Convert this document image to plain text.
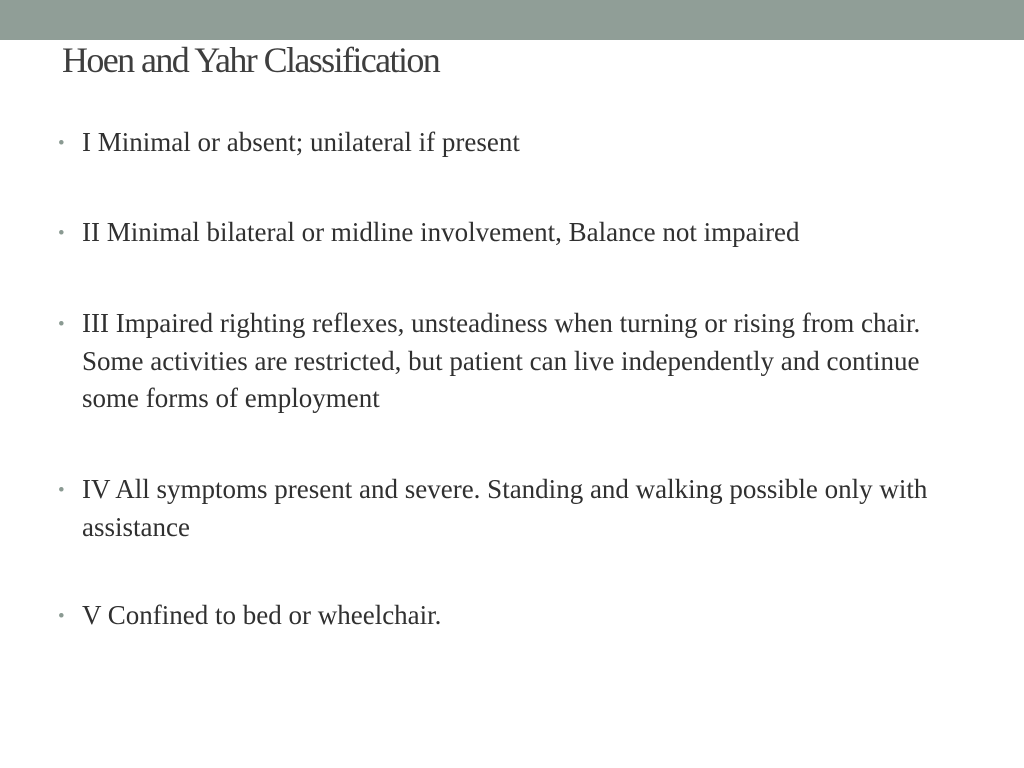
Hoen and Yahr Classification
• I Minimal or absent; unilateral if present
• II Minimal bilateral or midline involvement, Balance not impaired
• III Impaired righting reflexes, unsteadiness when turning or rising from chair. Some activities are restricted, but patient can live independently and continue some forms of employment
• IV All symptoms present and severe. Standing and walking possible only with assistance
• V Confined to bed or wheelchair.
